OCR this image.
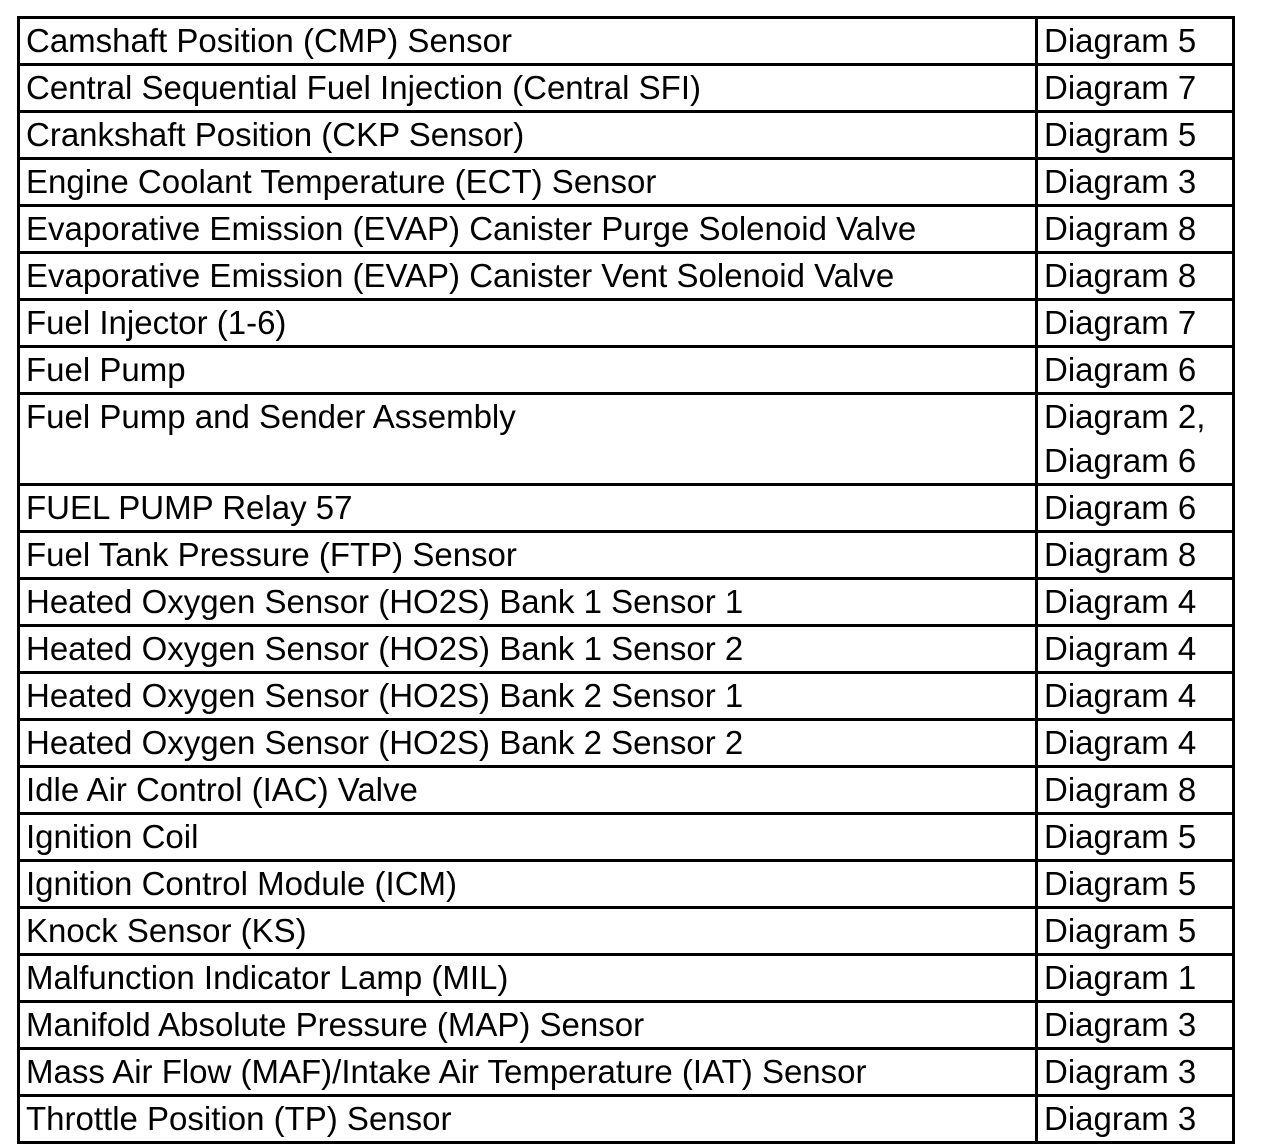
Camshaft Position (CMP) Sensor	Diagram 5

Central Sequential Fuel Injection (Central SFI)	Diagram 7

Crankshaft Position (CKP Sensor)	Diagram 5

Engine Coolant Temperature (ECT) Sensor	Diagram 3

Evaporative Emission (EVAP) Canister Purge Solenoid Valve	Diagram 8

Evaporative Emission (EVAP) Canister Vent Solenoid Valve	Diagram 8

Fuel Injector (1-6)	Diagram 7

Fuel Pump	Diagram 6

Fuel Pump and Sender Assembly	Diagram 2,
Diagram 6

FUEL PUMP Relay 57	Diagram 6

Fuel Tank Pressure (FTP) Sensor	Diagram 8

Heated Oxygen Sensor (HO2S) Bank 1 Sensor 1	Diagram 4

Heated Oxygen Sensor (HO2S) Bank 1 Sensor 2	Diagram 4

Heated Oxygen Sensor (HO2S) Bank 2 Sensor 1	Diagram 4

Heated Oxygen Sensor (HO2S) Bank 2 Sensor 2	Diagram 4

Idle Air Control (IAC) Valve	Diagram 8

Ignition Coil	Diagram 5

Ignition Control Module (ICM)	Diagram 5

Knock Sensor (KS)	Diagram 5

Malfunction Indicator Lamp (MIL)	Diagram 1

Manifold Absolute Pressure (MAP) Sensor	Diagram 3

Mass Air Flow (MAF)/Intake Air Temperature (IAT) Sensor	Diagram 3

Throttle Position (TP) Sensor	Diagram 3
